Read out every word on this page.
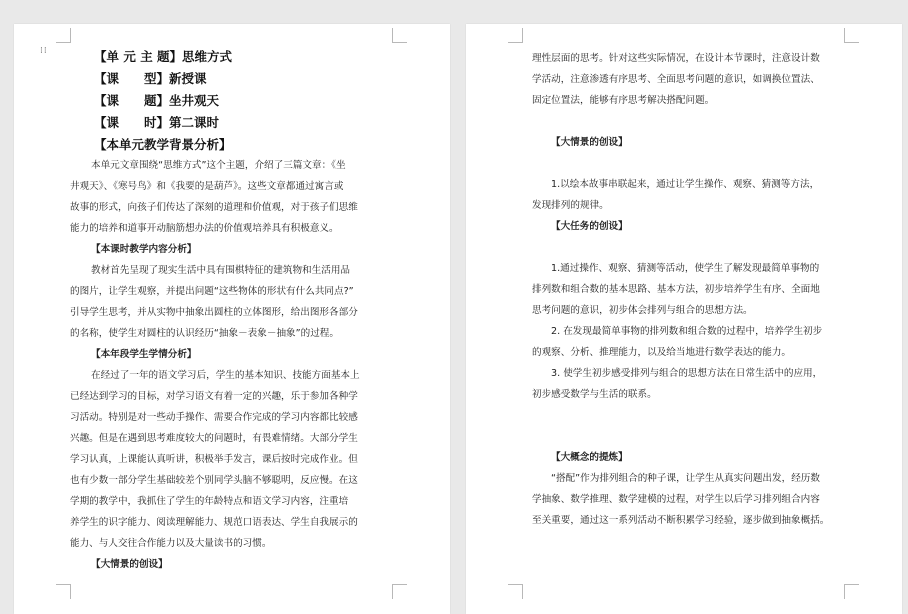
⁞⁞	【单 元 主 题】思维方式
【课　　型】新授课
【课　　题】坐井观天
【课　　时】第二课时
【本单元教学背景分析】
本单元文章围绕“思维方式”这个主题，介绍了三篇文章：《坐
井观天》、《寒号鸟》和《我要的是葫芦》。这些文章都通过寓言或
故事的形式，向孩子们传达了深刻的道理和价值观，对于孩子们思维
能力的培养和道事开动脑筋想办法的价值观培养具有积极意义。
【本课时教学内容分析】
教材首先呈现了现实生活中具有围棋特征的建筑物和生活用品
的图片，让学生观察，并提出问题“这些物体的形状有什么共同点?”
引导学生思考，并从实物中抽象出圆柱的立体图形，给出图形各部分
的名称，使学生对圆柱的认识经历“抽象－表象－抽象”的过程。
【本年段学生学情分析】
在经过了一年的语文学习后，学生的基本知识、技能方面基本上
已经达到学习的目标，对学习语文有着一定的兴趣，乐于参加各种学
习活动。特别是对一些动手操作、需要合作完成的学习内容都比较感
兴趣。但是在遇到思考难度较大的问题时，有畏难情绪。大部分学生
学习认真，上课能认真听讲，积极举手发言，课后按时完成作业。但
也有少数一部分学生基础较差个别同学头脑不够聪明，反应慢。在这
学期的教学中，我抓住了学生的年龄特点和语文学习内容，注重培
养学生的识字能力、阅读理解能力、规范口语表达、学生自我展示的
能力、与人交往合作能力以及大量读书的习惯。
【大情景的创设】
理性层面的思考。针对这些实际情况，在设计本节课时，注意设计数
学活动，注意渗透有序思考、全面思考问题的意识，如调换位置法、
固定位置法，能够有序思考解决搭配问题。
【大情景的创设】
1.以绘本故事串联起来，通过让学生操作、观察、猜测等方法，
发现排列的规律。
【大任务的创设】
1.通过操作、观察、猜测等活动，使学生了解发现最简单事物的
排列数和组合数的基本思路、基本方法，初步培养学生有序、全面地
思考问题的意识，初步体会排列与组合的思想方法。
2. 在发现最简单事物的排列数和组合数的过程中，培养学生初步
的观察、分析、推理能力，以及给当地进行数学表达的能力。
3. 使学生初步感受排列与组合的思想方法在日常生活中的应用，
初步感受数学与生活的联系。
【大概念的提炼】
“搭配”作为排列组合的种子课，让学生从真实问题出发，经历数
学抽象、数学推理、数学建模的过程，对学生以后学习排列组合内容
至关重要，通过这一系列活动不断积累学习经验，逐步做到抽象概括。
